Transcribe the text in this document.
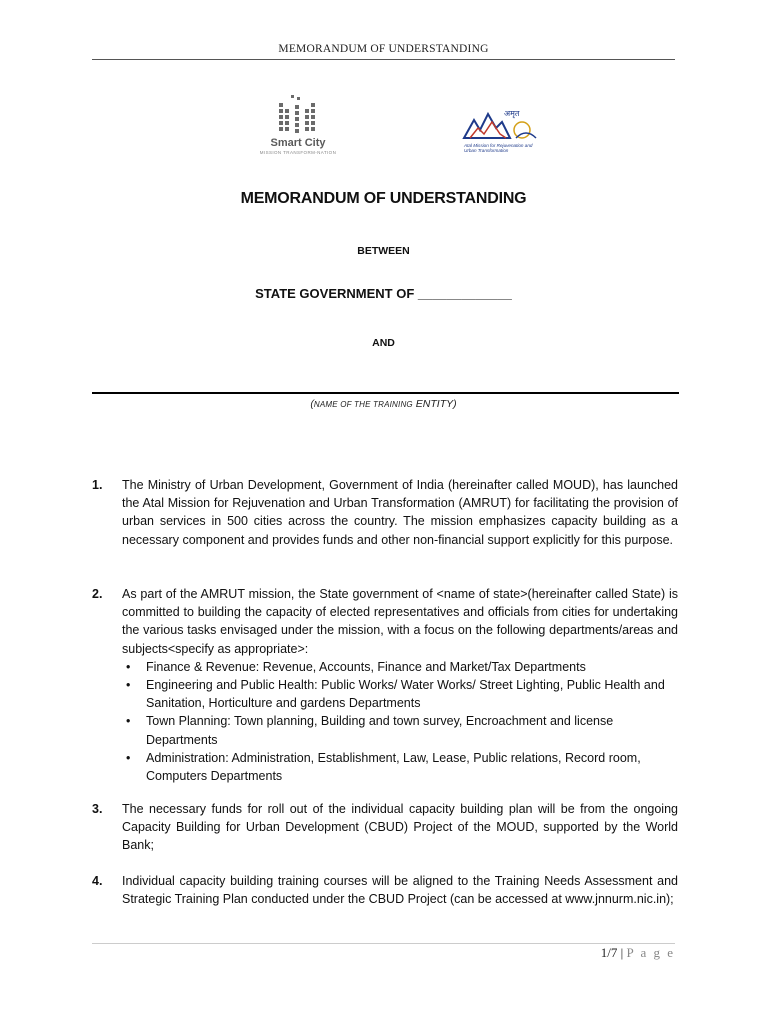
MEMORANDUM OF UNDERSTANDING
Smart City
MISSION TRANSFORM-NATION
अमृत
Atal Mission for Rejuvenation and Urban Transformation
MEMORANDUM OF UNDERSTANDING
BETWEEN
STATE GOVERNMENT OF _____________
AND
(NAME OF THE TRAINING ENTITY)
1. The Ministry of Urban Development, Government of India (hereinafter called MOUD), has launched the Atal Mission for Rejuvenation and Urban Transformation (AMRUT) for facilitating the provision of urban services in 500 cities across the country. The mission emphasizes capacity building as a necessary component and provides funds and other non-financial support explicitly for this purpose.
2. As part of the AMRUT mission, the State government of <name of state>(hereinafter called State) is committed to building the capacity of elected representatives and officials from cities for undertaking the various tasks envisaged under the mission, with a focus on the following departments/areas and subjects<specify as appropriate>:
• Finance & Revenue: Revenue, Accounts, Finance and Market/Tax Departments
• Engineering and Public Health: Public Works/ Water Works/ Street Lighting, Public Health and Sanitation, Horticulture and gardens Departments
• Town Planning: Town planning, Building and town survey, Encroachment and license Departments
• Administration: Administration, Establishment, Law, Lease, Public relations, Record room, Computers Departments
3. The necessary funds for roll out of the individual capacity building plan will be from the ongoing Capacity Building for Urban Development (CBUD) Project of the MOUD, supported by the World Bank;
4. Individual capacity building training courses will be aligned to the Training Needs Assessment and Strategic Training Plan conducted under the CBUD Project (can be accessed at www.jnnurm.nic.in);
1/7 | P a g e
